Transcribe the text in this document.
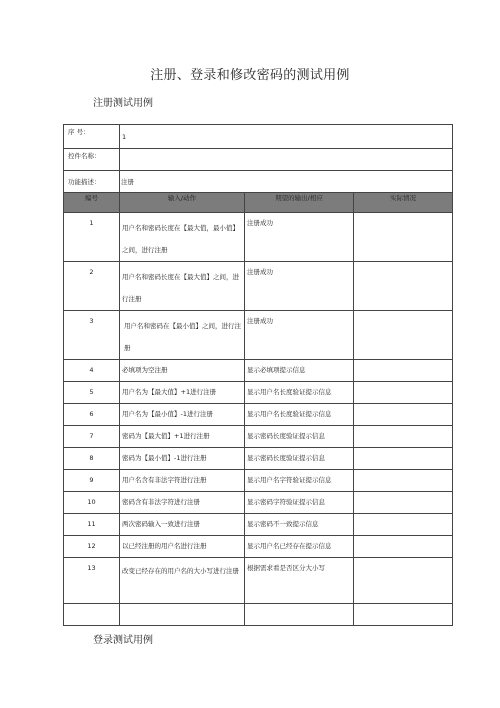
注册、登录和修改密码的测试用例
注册测试用例
序 号：	1		
控件名称：			
功能描述：	注册		
编号	输入/动作	期望的输出/相应	实际情况
1	用户名和密码长度在【最大值，最小值】之间，进行注册	注册成功	
2	用户名和密码长度在【最大值】之间，进行注册	注册成功	
3	用户名和密码在【最小值】之间，进行注册	注册成功	
4	必填项为空注册	显示必填项提示信息	
5	用户名为【最大值】+1进行注册	显示用户名长度验证提示信息	
6	用户名为【最小值】-1进行注册	显示用户名长度验证提示信息	
7	密码为【最大值】+1进行注册	显示密码长度验证提示信息	
8	密码为【最小值】-1进行注册	显示密码长度验证提示信息	
9	用户名含有非法字符进行注册	显示用户名字符验证提示信息	
10	密码含有非法字符进行注册	显示密码字符验证提示信息	
11	两次密码输入一致进行注册	显示密码不一致提示信息	
12	以已经注册的用户名进行注册	显示用户名已经存在提示信息	
13	改变已经存在的用户名的大小写进行注册	根据需求看是否区分大小写	

登录测试用例
